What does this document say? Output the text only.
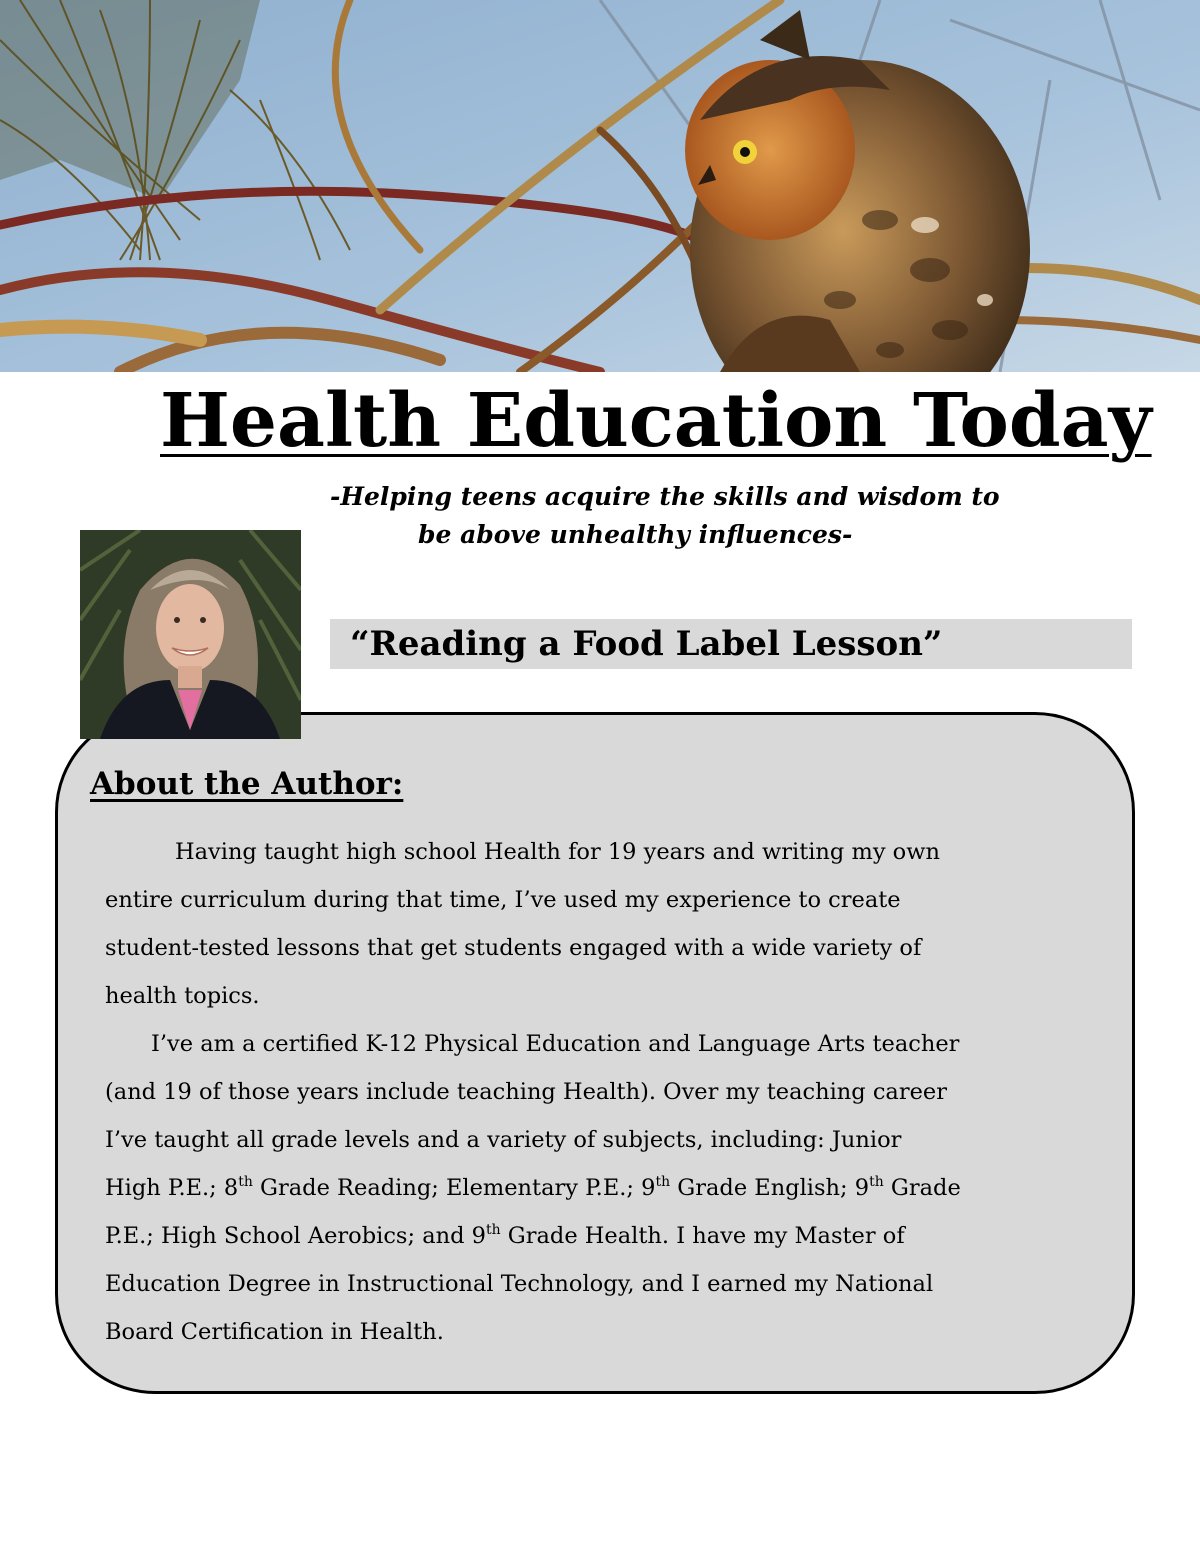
Health Education Today
-Helping teens acquire the skills and wisdom to
be above unhealthy influences-
“Reading a Food Label Lesson”
About the Author:
Having taught high school Health for 19 years and writing my own
entire curriculum during that time, I’ve used my experience to create
student-tested lessons that get students engaged with a wide variety of
health topics.
I’ve am a certified K-12 Physical Education and Language Arts teacher
(and 19 of those years include teaching Health). Over my teaching career
I’ve taught all grade levels and a variety of subjects, including: Junior
High P.E.; 8th Grade Reading; Elementary P.E.; 9th Grade English; 9th Grade
P.E.; High School Aerobics; and 9th Grade Health. I have my Master of
Education Degree in Instructional Technology, and I earned my National
Board Certification in Health.
